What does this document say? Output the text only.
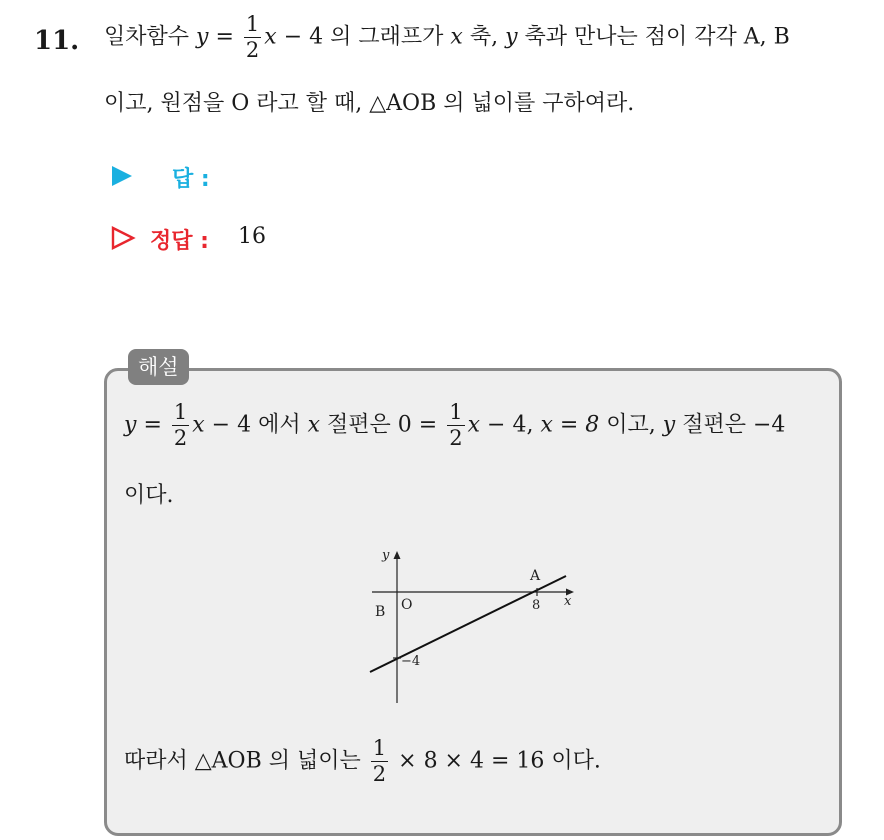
11. 일차함수 $y = \frac{1}{2}$ x − 4 의 그래프가 x 축, y 축과 만나는 점이 각각 A, B
이고, 원점을 O 라고 할 때, △AOB 의 넓이를 구하여라.
답 :
정답 : 16
해설
$y = \frac{1}{2}$ x − 4 에서 x 절편은 $0 = \frac{1}{2}$ x − 4, x = 8 이고, y 절편은 −4
이다.
y
x
A
B O	8
−4
따라서 △AOB 의 넓이는 $\frac{1}{2} \times 8 \times 4 = 16$ 이다.
